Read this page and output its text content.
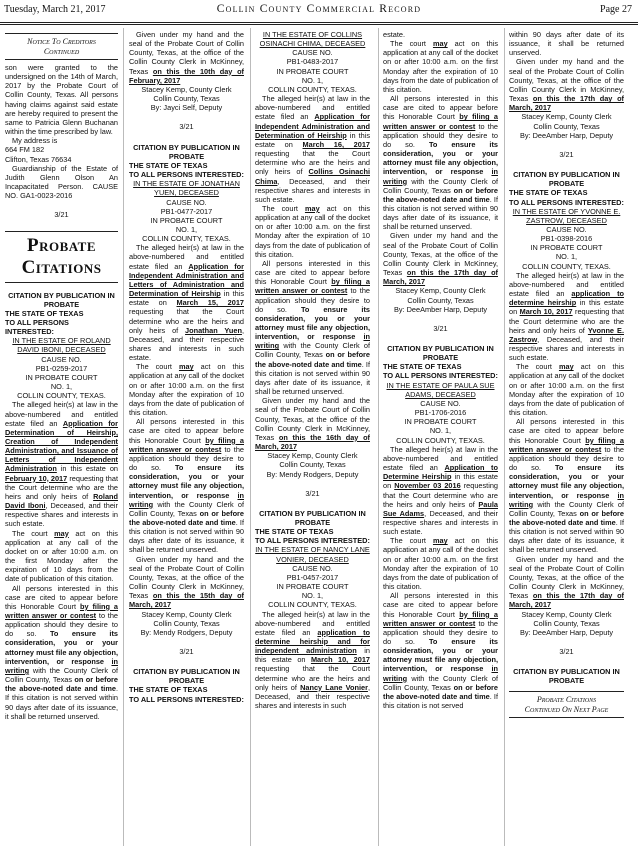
Tuesday, March 21, 2017	Collin County Commercial Record	Page 27

Notice To Creditors

Continued

son were granted to the undersigned on the 14th of March, 2017 by the Probate Court of Collin County, Texas. All persons having claims against said estate are hereby required to present the same to Patricia Glenn Buchanan within the time prescribed by law.

My address is

664 FM 182

Clifton, Texas 76634

Guardianship of the Estate of Judith Glenn Olson An Incapacitated Person. CAUSE NO. GA1-0023-2016

3/21

Probate

Citations

CITATION BY PUBLICATION IN PROBATE

THE STATE OF TEXAS

TO ALL PERSONS INTERESTED:

IN THE ESTATE OF ROLAND DAVID IBONI, DECEASED

CAUSE NO.

PB1-0259-2017

IN PROBATE COURT

NO. 1,

COLLIN COUNTY, TEXAS.

The alleged heir(s) at law in the above-numbered and entitled estate filed an Application for Determination of Heirship, Creation of Independent Administration, and Issuance of Letters of Independent Administration in this estate on February 10, 2017 requesting that the Court determine who are the heirs and only heirs of Roland David Iboni, Deceased, and their respective shares and interests in such estate.

The court may act on this application at any call of the docket on or after 10:00 a.m. on the first Monday after the expiration of 10 days from the date of publication of this citation.

All persons interested in this case are cited to appear before this Honorable Court by filing a written answer or contest to the application should they desire to do so. To ensure its consideration, you or your attorney must file any objection, intervention, or response in writing with the County Clerk of Collin County, Texas on or before the above-noted date and time. If this citation is not served within 90 days after date of its issuance, it shall be returned unserved.

Given under my hand and the seal of the Probate Court of Collin County, Texas, at the office of the Collin County Clerk in McKinney, Texas on this the 10th day of February, 2017

Stacey Kemp, County Clerk

Collin County, Texas

By: Jayci Self, Deputy

3/21

CITATION BY PUBLICATION IN PROBATE

THE STATE OF TEXAS

TO ALL PERSONS INTERESTED:

IN THE ESTATE OF JONATHAN YUEN, DECEASED

CAUSE NO.

PB1-0477-2017

IN PROBATE COURT

NO. 1,

COLLIN COUNTY, TEXAS.

The alleged heir(s) at law in the above-numbered and entitled estate filed an Application for Independent Administration and Letters of Administration and Determination of Heirship in this estate on March 15, 2017 requesting that the Court determine who are the heirs and only heirs of Jonathan Yuen, Deceased, and their respective shares and interests in such estate.

The court may act on this application at any call of the docket on or after 10:00 a.m. on the first Monday after the expiration of 10 days from the date of publication of this citation.

All persons interested in this case are cited to appear before this Honorable Court by filing a written answer or contest to the application should they desire to do so. To ensure its consideration, you or your attorney must file any objection, intervention, or response in writing with the County Clerk of Collin County, Texas on or before the above-noted date and time. If this citation is not served within 90 days after date of its issuance, it shall be returned unserved.

Given under my hand and the seal of the Probate Court of Collin County, Texas, at the office of the Collin County Clerk in McKinney, Texas on this the 15th day of March, 2017

Stacey Kemp, County Clerk

Collin County, Texas

By: Mendy Rodgers, Deputy

3/21

CITATION BY PUBLICATION IN PROBATE

THE STATE OF TEXAS

TO ALL PERSONS INTERESTED:

IN THE ESTATE OF COLLINS OSINACHI CHIMA, DECEASED

CAUSE NO.

PB1-0483-2017

IN PROBATE COURT

NO. 1,

COLLIN COUNTY, TEXAS.

The alleged heir(s) at law in the above-numbered and entitled estate filed an Application for Independent Administration and Determination of Heirship in this estate on March 16, 2017 requesting that the Court determine who are the heirs and only heirs of Collins Osinachi Chima, Deceased, and their respective shares and interests in such estate.

The court may act on this application at any call of the docket on or after 10:00 a.m. on the first Monday after the expiration of 10 days from the date of publication of this citation.

All persons interested in this case are cited to appear before this Honorable Court by filing a written answer or contest to the application should they desire to do so. To ensure its consideration, you or your attorney must file any objection, intervention, or response in writing with the County Clerk of Collin County, Texas on or before the above-noted date and time. If this citation is not served within 90 days after date of its issuance, it shall be returned unserved.

Given under my hand and the seal of the Probate Court of Collin County, Texas, at the office of the Collin County Clerk in McKinney, Texas on this the 16th day of March, 2017

Stacey Kemp, County Clerk

Collin County, Texas

By: Mendy Rodgers, Deputy

3/21

CITATION BY PUBLICATION IN PROBATE

THE STATE OF TEXAS

TO ALL PERSONS INTERESTED:

IN THE ESTATE OF NANCY LANE VONIER, DECEASED

CAUSE NO.

PB1-0457-2017

IN PROBATE COURT

NO. 1,

COLLIN COUNTY, TEXAS.

The alleged heir(s) at law in the above-numbered and entitled estate filed an application to determine heirship and for independent administration in this estate on March 10, 2017 requesting that the Court determine who are the heirs and only heirs of Nancy Lane Vonier, Deceased, and their respective shares and interests in such

estate.

The court may act on this application at any call of the docket on or after 10:00 a.m. on the first Monday after the expiration of 10 days from the date of publication of this citation.

All persons interested in this case are cited to appear before this Honorable Court by filing a written answer or contest to the application should they desire to do so. To ensure its consideration, you or your attorney must file any objection, intervention, or response in writing with the County Clerk of Collin County, Texas on or before the above-noted date and time. If this citation is not served within 90 days after date of its issuance, it shall be returned unserved.

Given under my hand and the seal of the Probate Court of Collin County, Texas, at the office of the Collin County Clerk in McKinney, Texas on this the 17th day of March, 2017

Stacey Kemp, County Clerk

Collin County, Texas

By: DeeAmber Harp, Deputy

3/21

CITATION BY PUBLICATION IN PROBATE

THE STATE OF TEXAS

TO ALL PERSONS INTERESTED:

IN THE ESTATE OF PAULA SUE ADAMS, DECEASED

CAUSE NO.

PB1-1706-2016

IN PROBATE COURT

NO. 1,

COLLIN COUNTY, TEXAS.

The alleged heir(s) at law in the above-numbered and entitled estate filed an Application to Determine Heirship in this estate on November 03 2016 requesting that the Court determine who are the heirs and only heirs of Paula Sue Adams, Deceased, and their respective shares and interests in such estate.

The court may act on this application at any call of the docket on or after 10:00 a.m. on the first Monday after the expiration of 10 days from the date of publication of this citation.

All persons interested in this case are cited to appear before this Honorable Court by filing a written answer or contest to the application should they desire to do so. To ensure its consideration, you or your attorney must file any objection, intervention, or response in writing with the County Clerk of Collin County, Texas on or before the above-noted date and time. If this citation is not served

within 90 days after date of its issuance, it shall be returned unserved.

Given under my hand and the seal of the Probate Court of Collin County, Texas, at the office of the Collin County Clerk in McKinney, Texas on this the 17th day of March, 2017

Stacey Kemp, County Clerk

Collin County, Texas

By: DeeAmber Harp, Deputy

3/21

CITATION BY PUBLICATION IN PROBATE

THE STATE OF TEXAS

TO ALL PERSONS INTERESTED:

IN THE ESTATE OF YVONNE E. ZASTROW, DECEASED

CAUSE NO.

PB1-0398-2016

IN PROBATE COURT

NO. 1,

COLLIN COUNTY, TEXAS.

The alleged heir(s) at law in the above-numbered and entitled estate filed an application to determine heirship in this estate on March 10, 2017 requesting that the Court determine who are the heirs and only heirs of Yvonne E. Zastrow, Deceased, and their respective shares and interests in such estate.

The court may act on this application at any call of the docket on or after 10:00 a.m. on the first Monday after the expiration of 10 days from the date of publication of this citation.

All persons interested in this case are cited to appear before this Honorable Court by filing a written answer or contest to the application should they desire to do so. To ensure its consideration, you or your attorney must file any objection, intervention, or response in writing with the County Clerk of Collin County, Texas on or before the above-noted date and time. If this citation is not served within 90 days after date of its issuance, it shall be returned unserved.

Given under my hand and the seal of the Probate Court of Collin County, Texas, at the office of the Collin County Clerk in McKinney, Texas on this the 17th day of March, 2017

Stacey Kemp, County Clerk

Collin County, Texas

By: DeeAmber Harp, Deputy

3/21

CITATION BY PUBLICATION IN PROBATE

Probate Citations

Continued On Next Page
